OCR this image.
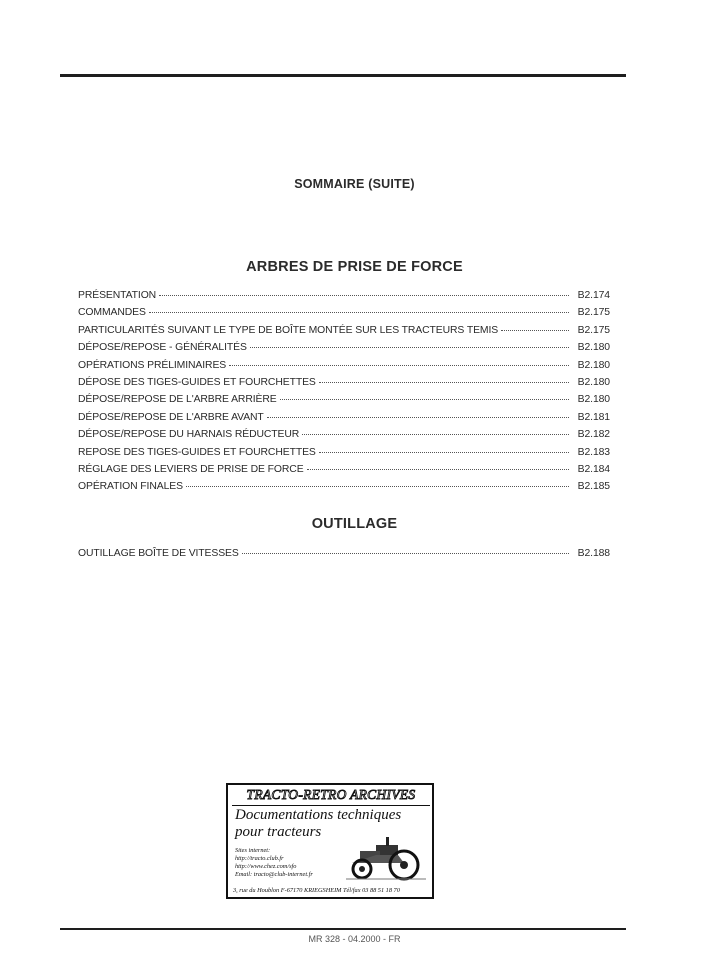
SOMMAIRE (SUITE)
ARBRES DE PRISE DE FORCE
PRÉSENTATION	B2.174
COMMANDES	B2.175
PARTICULARITÉS SUIVANT LE TYPE DE BOÎTE MONTÉE SUR LES TRACTEURS TEMIS	B2.175
DÉPOSE/REPOSE - GÉNÉRALITÉS	B2.180
OPÉRATIONS PRÉLIMINAIRES	B2.180
DÉPOSE DES TIGES-GUIDES ET FOURCHETTES	B2.180
DÉPOSE/REPOSE DE L'ARBRE ARRIÈRE	B2.180
DÉPOSE/REPOSE DE L'ARBRE AVANT	B2.181
DÉPOSE/REPOSE DU HARNAIS RÉDUCTEUR	B2.182
REPOSE DES TIGES-GUIDES ET FOURCHETTES	B2.183
RÉGLAGE DES LEVIERS DE PRISE DE FORCE	B2.184
OPÉRATION FINALES	B2.185
OUTILLAGE
OUTILLAGE BOÎTE DE VITESSES	B2.188
TRACTO-RETRO ARCHIVES
Documentations techniques
pour tracteurs
Sites internet:
http://tracto.club.fr
http://www.chez.com/sfo
Email: tracto@club-internet.fr
3, rue du Houblon F-67170 KRIEGSHEIM Tél/fax 03 88 51 18 70
MR 328 - 04.2000 - FR
